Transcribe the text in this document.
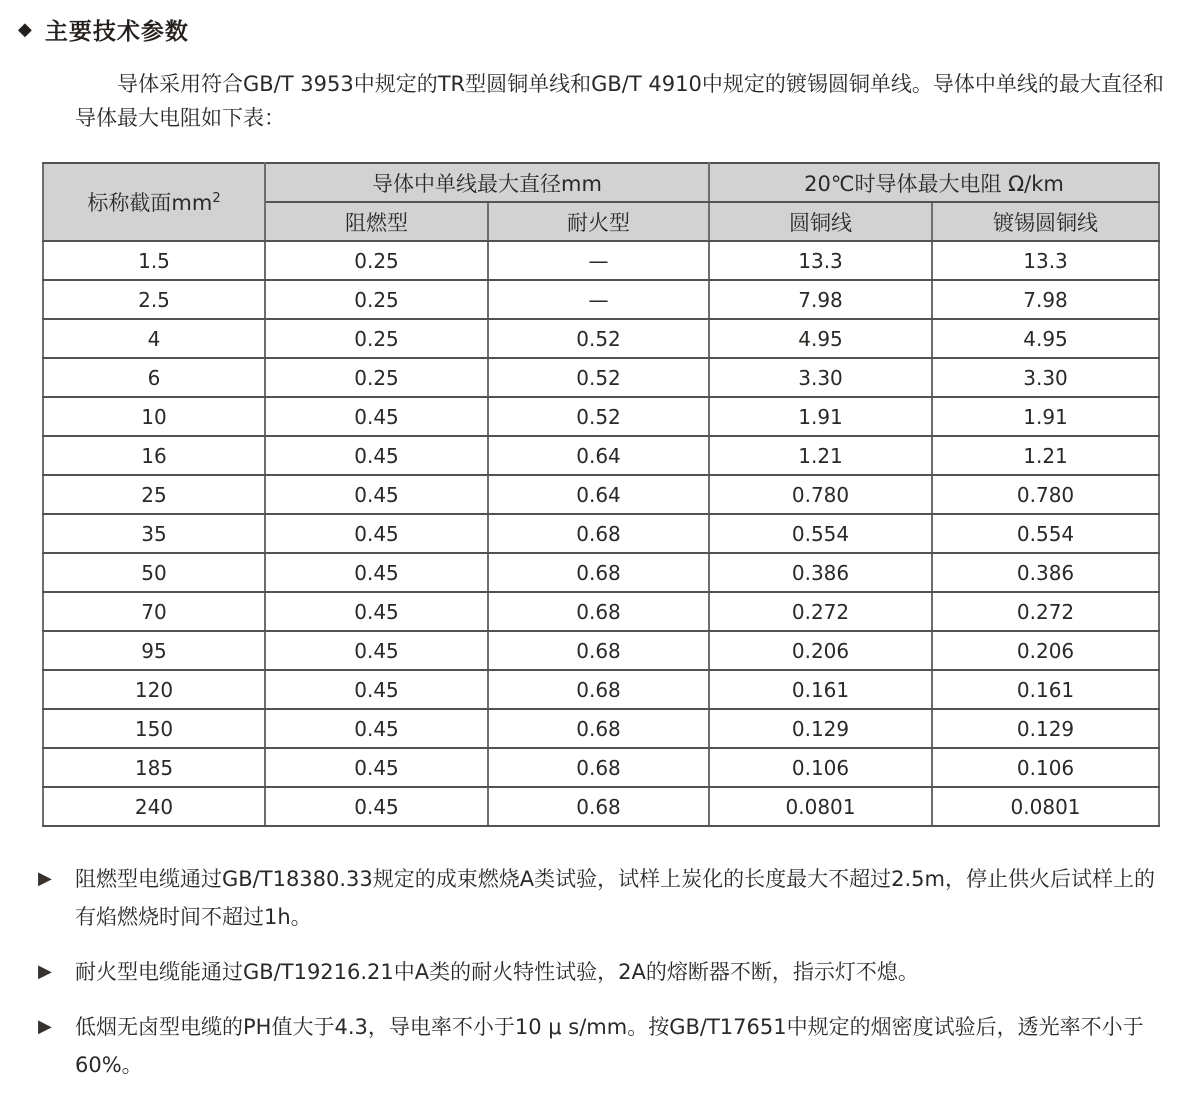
◆ 主要技术参数

导体采用符合GB/T 3953中规定的TR型圆铜单线和GB/T 4910中规定的镀锡圆铜单线。导体中单线的最大直径和导体最大电阻如下表：

标称截面$mm^2$	导体中单线最大直径mm		20℃时导体最大电阻 Ω/km	
	阻燃型	耐火型	圆铜线	镀锡圆铜线
1.5	0.25	—	13.3	13.3
2.5	0.25	—	7.98	7.98
4	0.25	0.52	4.95	4.95
6	0.25	0.52	3.30	3.30
10	0.45	0.52	1.91	1.91
16	0.45	0.64	1.21	1.21
25	0.45	0.64	0.780	0.780
35	0.45	0.68	0.554	0.554
50	0.45	0.68	0.386	0.386
70	0.45	0.68	0.272	0.272
95	0.45	0.68	0.206	0.206
120	0.45	0.68	0.161	0.161
150	0.45	0.68	0.129	0.129
185	0.45	0.68	0.106	0.106
240	0.45	0.68	0.0801	0.0801
▶	阻燃型电缆通过GB/T18380.33规定的成束燃烧A类试验，试样上炭化的长度最大不超过2.5m，停止供火后试样上的有焰燃烧时间不超过1h。
▶	耐火型电缆能通过GB/T19216.21中A类的耐火特性试验，2A的熔断器不断，指示灯不熄。
▶	低烟无卤型电缆的PH值大于4.3，导电率不小于10 μ s/mm。按GB/T17651中规定的烟密度试验后，透光率不小于60%。
